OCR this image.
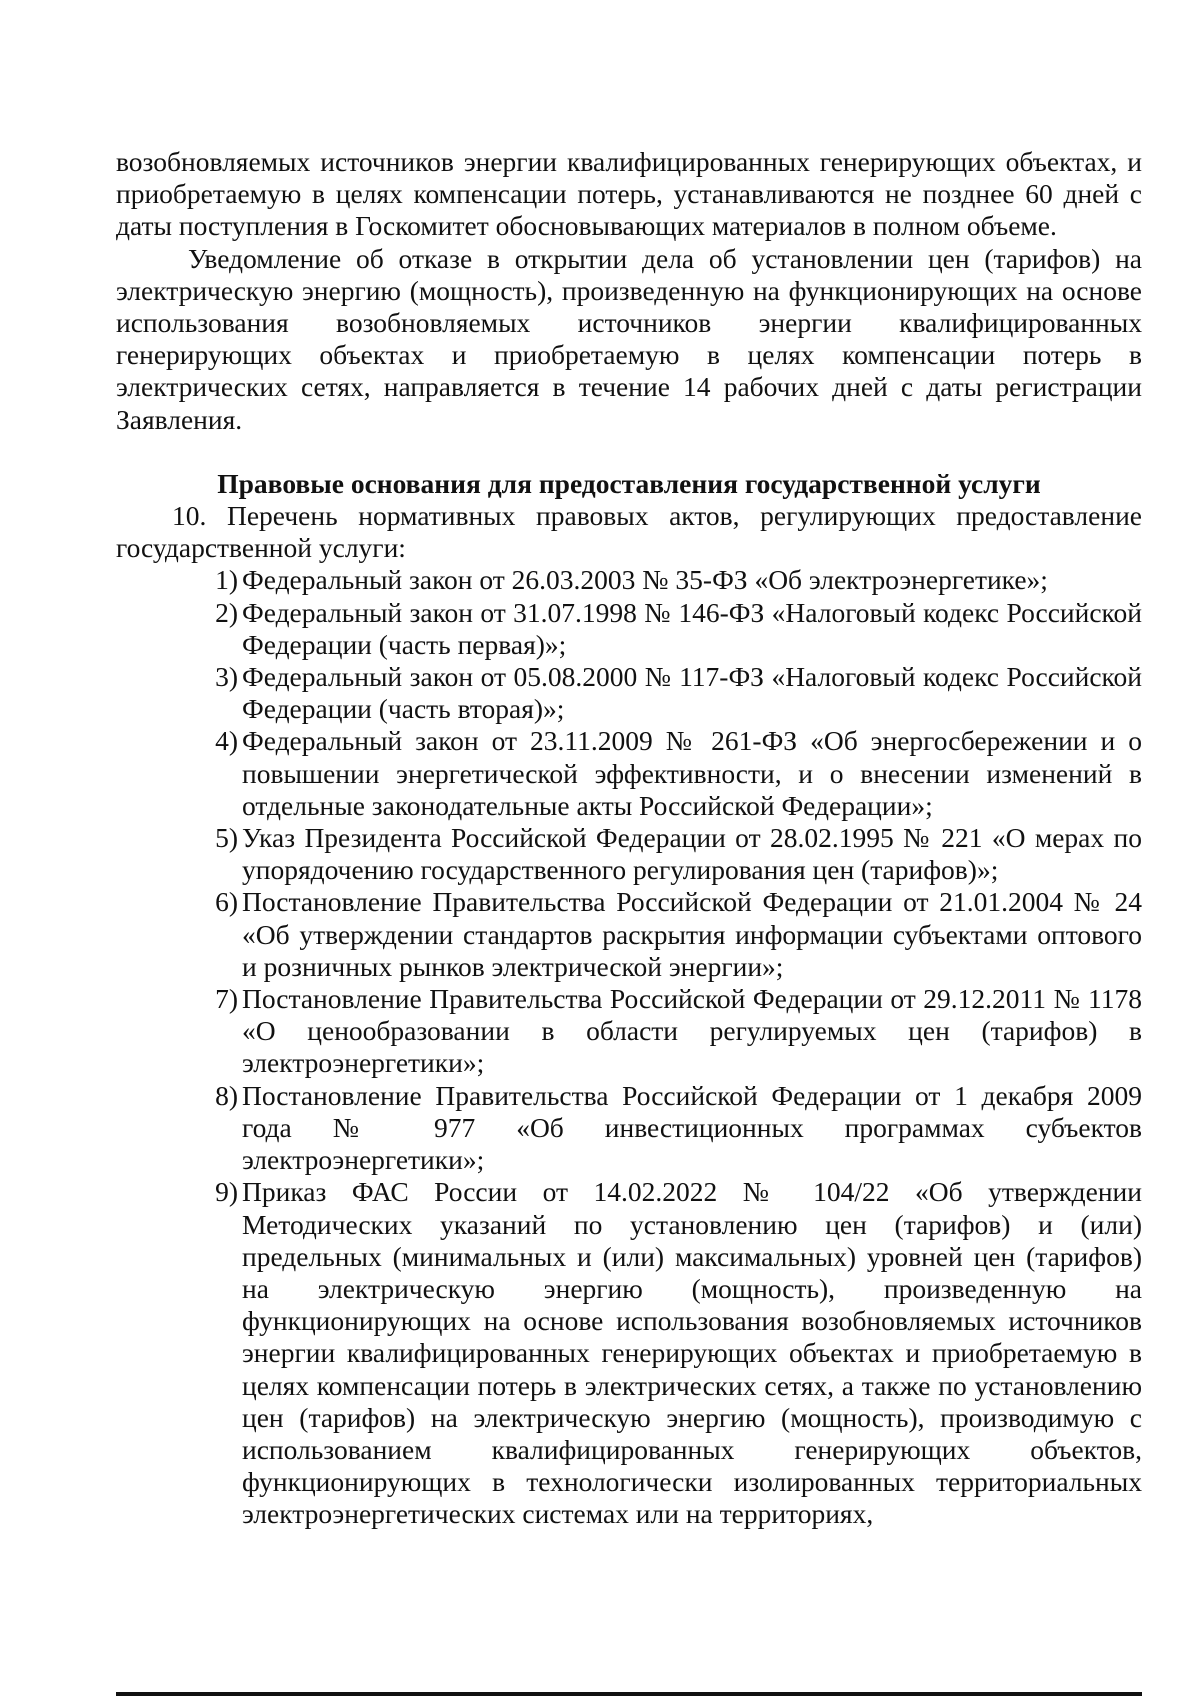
возобновляемых источников энергии квалифицированных генерирующих объектах, и приобретаемую в целях компенсации потерь, устанавливаются не позднее 60 дней с даты поступления в Госкомитет обосновывающих материалов в полном объеме.

Уведомление об отказе в открытии дела об установлении цен (тарифов) на электрическую энергию (мощность), произведенную на функционирующих на основе использования возобновляемых источников энергии квалифицированных генерирующих объектах и приобретаемую в целях компенсации потерь в электрических сетях, направляется в течение 14 рабочих дней с даты регистрации Заявления.

Правовые основания для предоставления государственной услуги

10. Перечень нормативных правовых актов, регулирующих предоставление государственной услуги:

1) Федеральный закон от 26.03.2003 № 35-ФЗ «Об электроэнергетике»;
2) Федеральный закон от 31.07.1998 № 146-ФЗ «Налоговый кодекс Российской Федерации (часть первая)»;
3) Федеральный закон от 05.08.2000 № 117-ФЗ «Налоговый кодекс Российской Федерации (часть вторая)»;
4) Федеральный закон от 23.11.2009 № 261-ФЗ «Об энергосбережении и о повышении энергетической эффективности, и о внесении изменений в отдельные законодательные акты Российской Федерации»;
5) Указ Президента Российской Федерации от 28.02.1995 № 221 «О мерах по упорядочению государственного регулирования цен (тарифов)»;
6) Постановление Правительства Российской Федерации от 21.01.2004 № 24 «Об утверждении стандартов раскрытия информации субъектами оптового и розничных рынков электрической энергии»;
7) Постановление Правительства Российской Федерации от 29.12.2011 № 1178 «О ценообразовании в области регулируемых цен (тарифов) в электроэнергетики»;
8) Постановление Правительства Российской Федерации от 1 декабря 2009 года № 977 «Об инвестиционных программах субъектов электроэнергетики»;
9) Приказ ФАС России от 14.02.2022 № 104/22 «Об утверждении Методических указаний по установлению цен (тарифов) и (или) предельных (минимальных и (или) максимальных) уровней цен (тарифов) на электрическую энергию (мощность), произведенную на функционирующих на основе использования возобновляемых источников энергии квалифицированных генерирующих объектах и приобретаемую в целях компенсации потерь в электрических сетях, а также по установлению цен (тарифов) на электрическую энергию (мощность), производимую с использованием квалифицированных генерирующих объектов, функционирующих в технологически изолированных территориальных электроэнергетических системах или на территориях,
